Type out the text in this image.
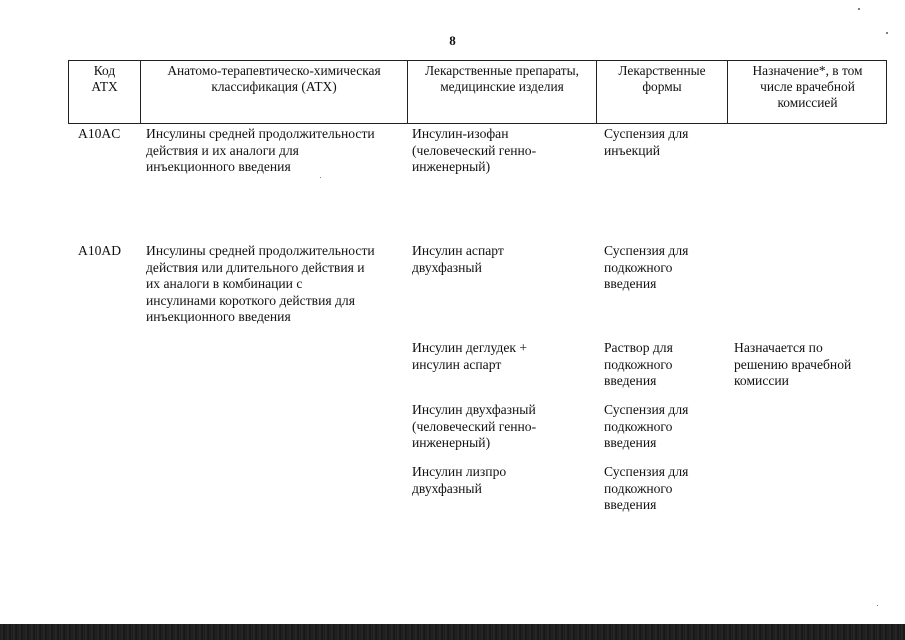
8
Код
АТХ
Анатомо-терапевтическо-химическая
классификация (АТХ)
Лекарственные препараты,
медицинские изделия
Лекарственные
формы
Назначение*, в том
числе врачебной
комиссией
A10AC Инсулины средней продолжительности
действия и их аналоги для
инъекционного введения
Инсулин-изофан
(человеческий генно-
инженерный)
Суспензия для
инъекций
A10AD Инсулины средней продолжительности
действия или длительного действия и
их аналоги в комбинации с
инсулинами короткого действия для
инъекционного введения
Инсулин аспарт
двухфазный
Суспензия для
подкожного
введения
Инсулин деглудек +
инсулин аспарт
Раствор для
подкожного
введения
Назначается по
решению врачебной
комиссии
Инсулин двухфазный
(человеческий генно-
инженерный)
Суспензия для
подкожного
введения
Инсулин лизпро
двухфазный
Суспензия для
подкожного
введения
